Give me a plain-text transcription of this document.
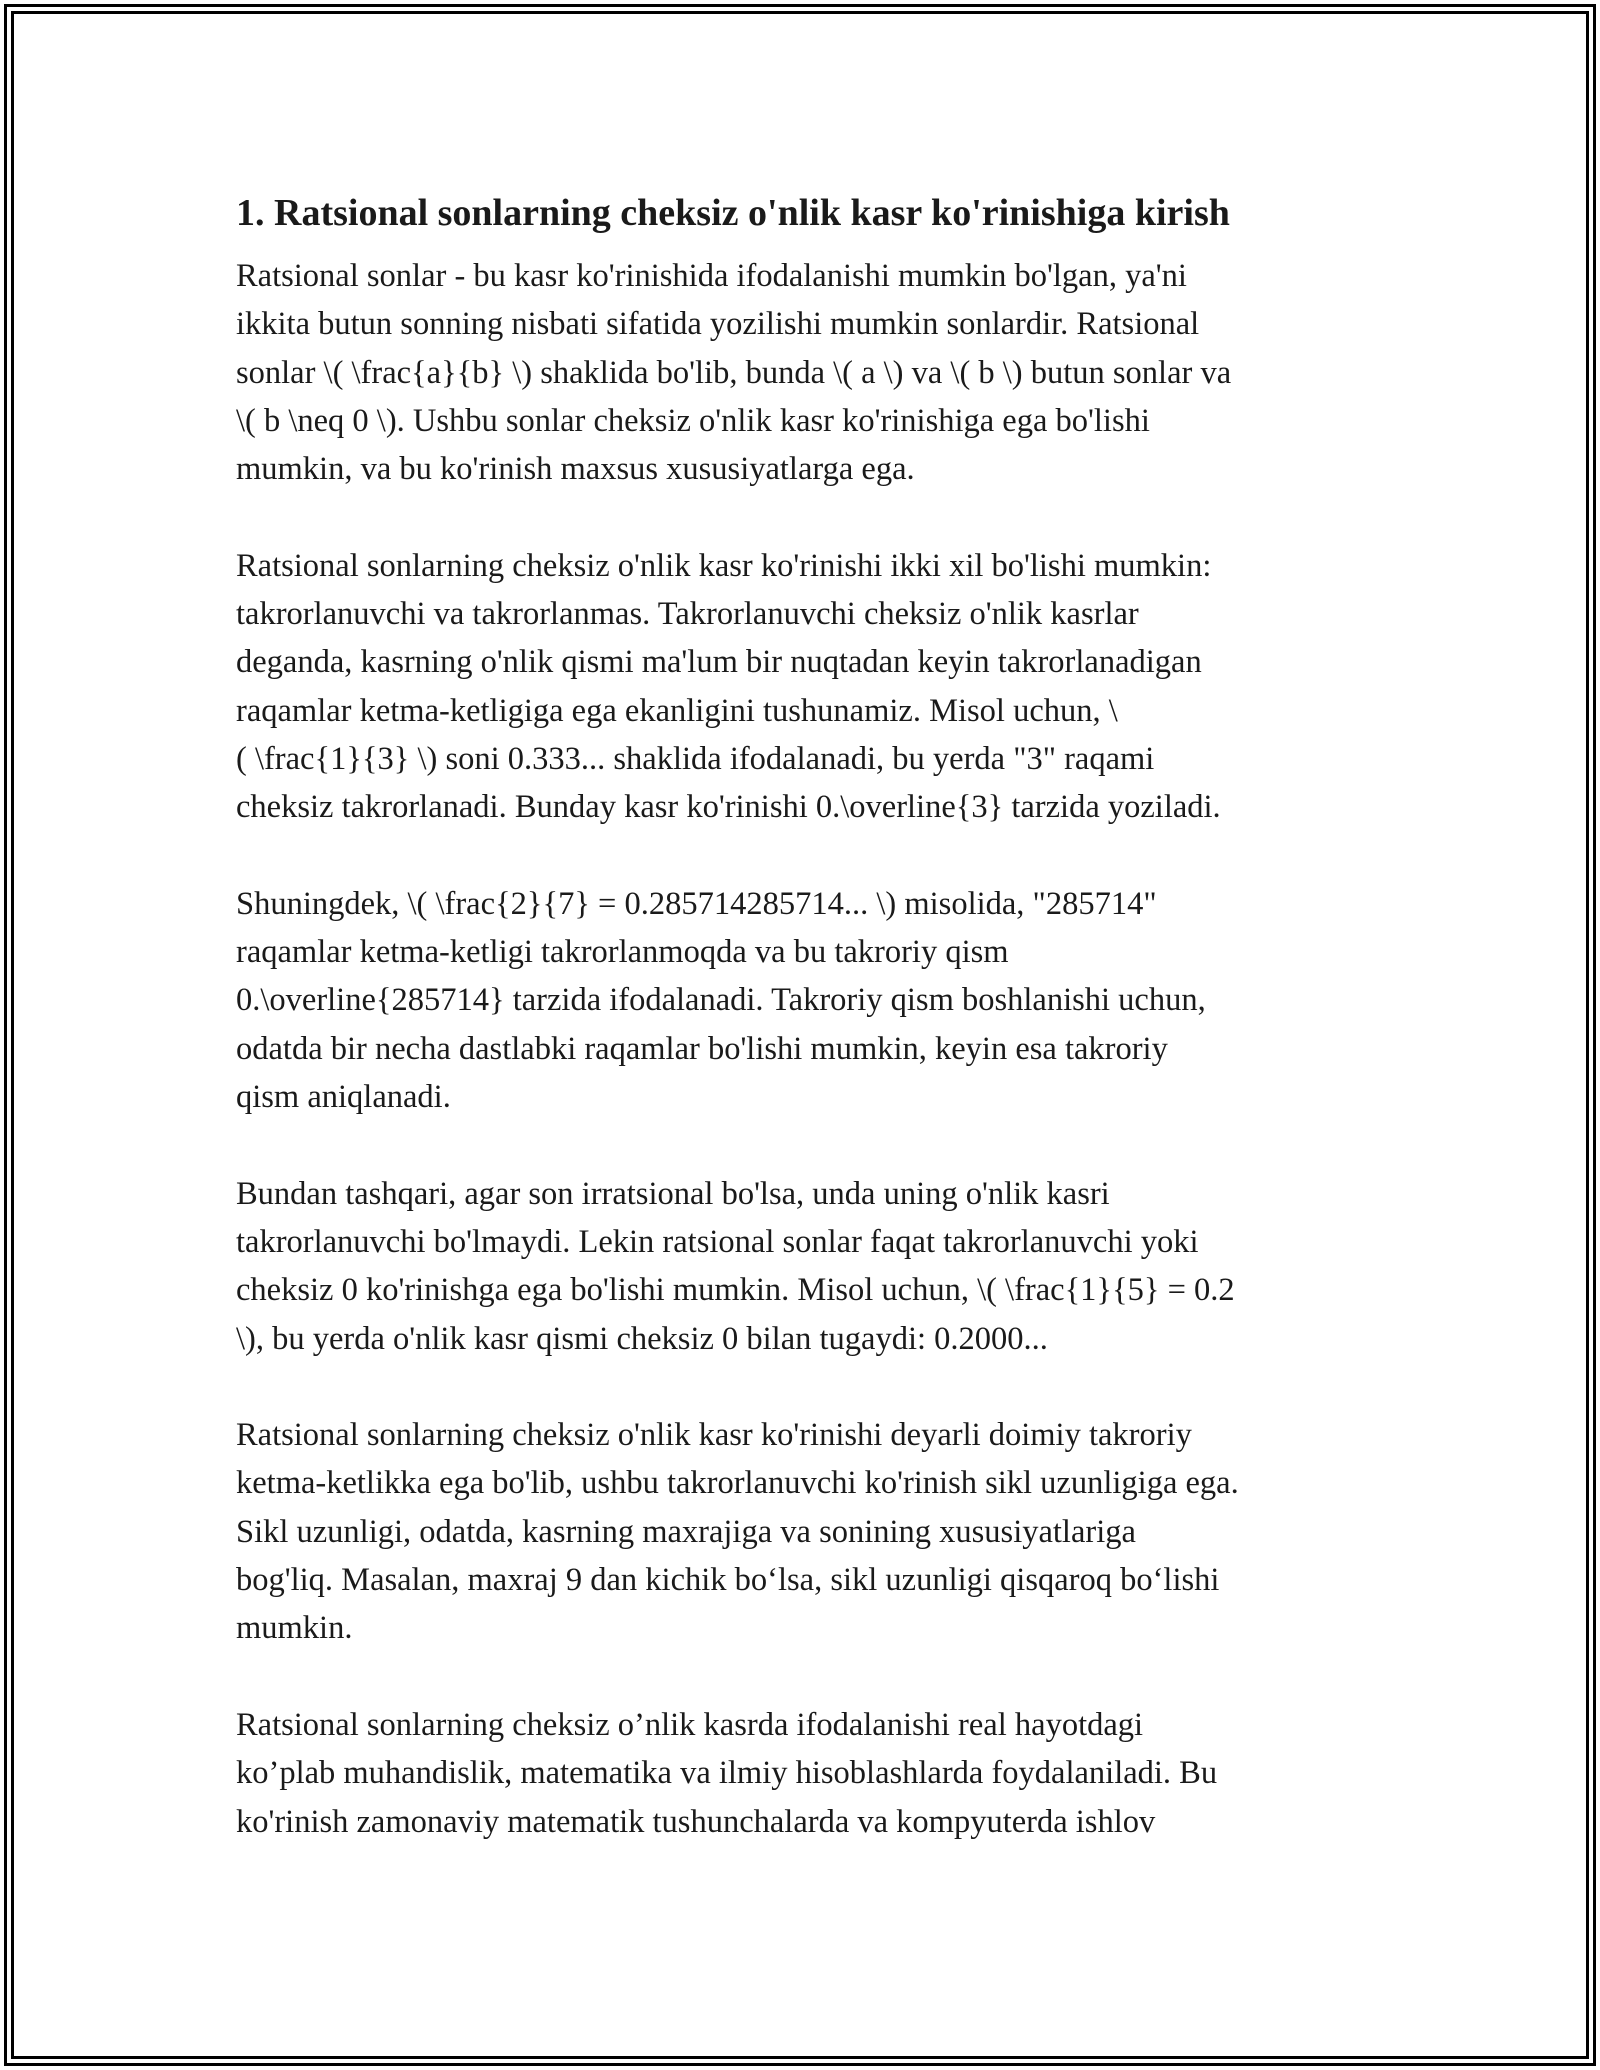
1. Ratsional sonlarning cheksiz o'nlik kasr ko'rinishiga kirish

Ratsional sonlar - bu kasr ko'rinishida ifodalanishi mumkin bo'lgan, ya'ni
ikkita butun sonning nisbati sifatida yozilishi mumkin sonlardir. Ratsional
sonlar \( \frac{a}{b} \) shaklida bo'lib, bunda \( a \) va \( b \) butun sonlar va
\( b \neq 0 \). Ushbu sonlar cheksiz o'nlik kasr ko'rinishiga ega bo'lishi
mumkin, va bu ko'rinish maxsus xususiyatlarga ega.

Ratsional sonlarning cheksiz o'nlik kasr ko'rinishi ikki xil bo'lishi mumkin:
takrorlanuvchi va takrorlanmas. Takrorlanuvchi cheksiz o'nlik kasrlar
deganda, kasrning o'nlik qismi ma'lum bir nuqtadan keyin takrorlanadigan
raqamlar ketma-ketligiga ega ekanligini tushunamiz. Misol uchun, \
( \frac{1}{3} \) soni 0.333... shaklida ifodalanadi, bu yerda "3" raqami
cheksiz takrorlanadi. Bunday kasr ko'rinishi 0.\overline{3} tarzida yoziladi.

Shuningdek, \( \frac{2}{7} = 0.285714285714... \) misolida, "285714"
raqamlar ketma-ketligi takrorlanmoqda va bu takroriy qism
0.\overline{285714} tarzida ifodalanadi. Takroriy qism boshlanishi uchun,
odatda bir necha dastlabki raqamlar bo'lishi mumkin, keyin esa takroriy
qism aniqlanadi.

Bundan tashqari, agar son irratsional bo'lsa, unda uning o'nlik kasri
takrorlanuvchi bo'lmaydi. Lekin ratsional sonlar faqat takrorlanuvchi yoki
cheksiz 0 ko'rinishga ega bo'lishi mumkin. Misol uchun, \( \frac{1}{5} = 0.2
\), bu yerda o'nlik kasr qismi cheksiz 0 bilan tugaydi: 0.2000...

Ratsional sonlarning cheksiz o'nlik kasr ko'rinishi deyarli doimiy takroriy
ketma-ketlikka ega bo'lib, ushbu takrorlanuvchi ko'rinish sikl uzunligiga ega.
Sikl uzunligi, odatda, kasrning maxrajiga va sonining xususiyatlariga
bog'liq. Masalan, maxraj 9 dan kichik bo‘lsa, sikl uzunligi qisqaroq bo‘lishi
mumkin.

Ratsional sonlarning cheksiz o’nlik kasrda ifodalanishi real hayotdagi
ko’plab muhandislik, matematika va ilmiy hisoblashlarda foydalaniladi. Bu
ko'rinish zamonaviy matematik tushunchalarda va kompyuterda ishlov
